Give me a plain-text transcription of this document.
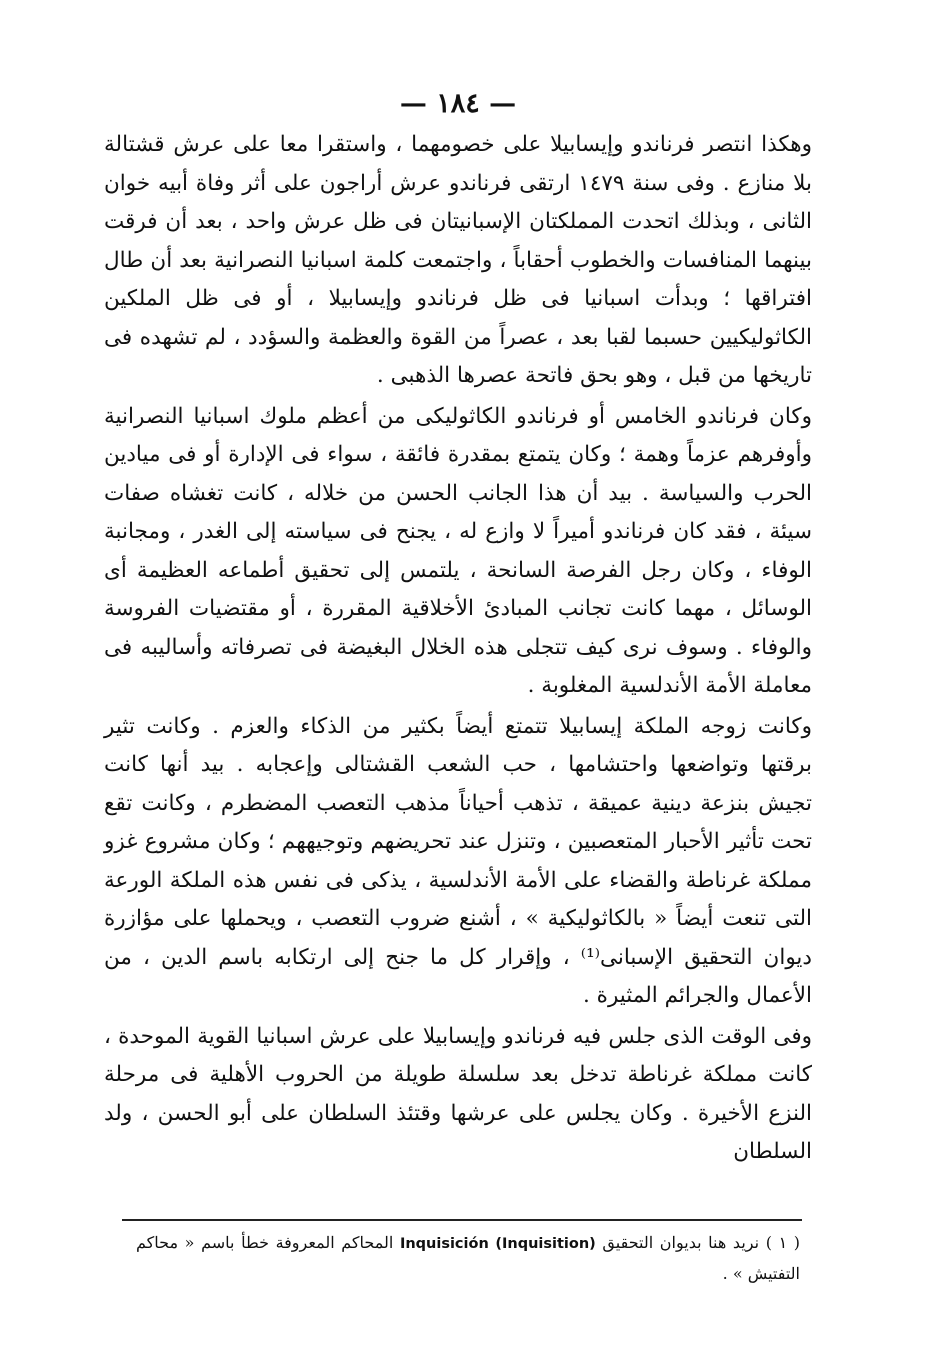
— ١٨٤ —

وهكذا انتصر فرناندو وإيسابيلا على خصومهما ، واستقرا معا على عرش قشتالة بلا منازع . وفى سنة ١٤٧٩ ارتقى فرناندو عرش أراجون على أثر وفاة أبيه خوان الثانى ، وبذلك اتحدت المملكتان الإسبانيتان فى ظل عرش واحد ، بعد أن فرقت بينهما المنافسات والخطوب أحقاباً ، واجتمعت كلمة اسبانيا النصرانية بعد أن طال افتراقها ؛ وبدأت اسبانيا فى ظل فرناندو وإيسابيلا ، أو فى ظل الملكين الكاثوليكيين حسبما لقبا بعد ، عصراً من القوة والعظمة والسؤدد ، لم تشهده فى تاريخها من قبل ، وهو بحق فاتحة عصرها الذهبى .

وكان فرناندو الخامس أو فرناندو الكاثوليكى من أعظم ملوك اسبانيا النصرانية وأوفرهم عزماً وهمة ؛ وكان يتمتع بمقدرة فائقة ، سواء فى الإدارة أو فى ميادين الحرب والسياسة . بيد أن هذا الجانب الحسن من خلاله ، كانت تغشاه صفات سيئة ، فقد كان فرناندو أميراً لا وازع له ، يجنح فى سياسته إلى الغدر ، ومجانبة الوفاء ، وكان رجل الفرصة السانحة ، يلتمس إلى تحقيق أطماعه العظيمة أى الوسائل ، مهما كانت تجانب المبادئ الأخلاقية المقررة ، أو مقتضيات الفروسة والوفاء . وسوف نرى كيف تتجلى هذه الخلال البغيضة فى تصرفاته وأساليبه فى معاملة الأمة الأندلسية المغلوبة .

وكانت زوجه الملكة إيسابيلا تتمتع أيضاً بكثير من الذكاء والعزم . وكانت تثير برقتها وتواضعها واحتشامها ، حب الشعب القشتالى وإعجابه . بيد أنها كانت تجيش بنزعة دينية عميقة ، تذهب أحياناً مذهب التعصب المضطرم ، وكانت تقع تحت تأثير الأحبار المتعصبين ، وتنزل عند تحريضهم وتوجيههم ؛ وكان مشروع غزو مملكة غرناطة والقضاء على الأمة الأندلسية ، يذكى فى نفس هذه الملكة الورعة التى تنعت أيضاً « بالكاثوليكية » ، أشنع ضروب التعصب ، ويحملها على مؤازرة ديوان التحقيق الإسبانى⁽¹⁾ ، وإقرار كل ما جنح إلى ارتكابه باسم الدين ، من الأعمال والجرائم المثيرة .

وفى الوقت الذى جلس فيه فرناندو وإيسابيلا على عرش اسبانيا القوية الموحدة ، كانت مملكة غرناطة تدخل بعد سلسلة طويلة من الحروب الأهلية فى مرحلة النزع الأخيرة . وكان يجلس على عرشها وقتئذ السلطان على أبو الحسن ، ولد السلطان

( ١ ) نريد هنا بديوان التحقيق Inquisición (Inquisition) المحاكم المعروفة خطأ باسم « محاكم التفتيش » .
